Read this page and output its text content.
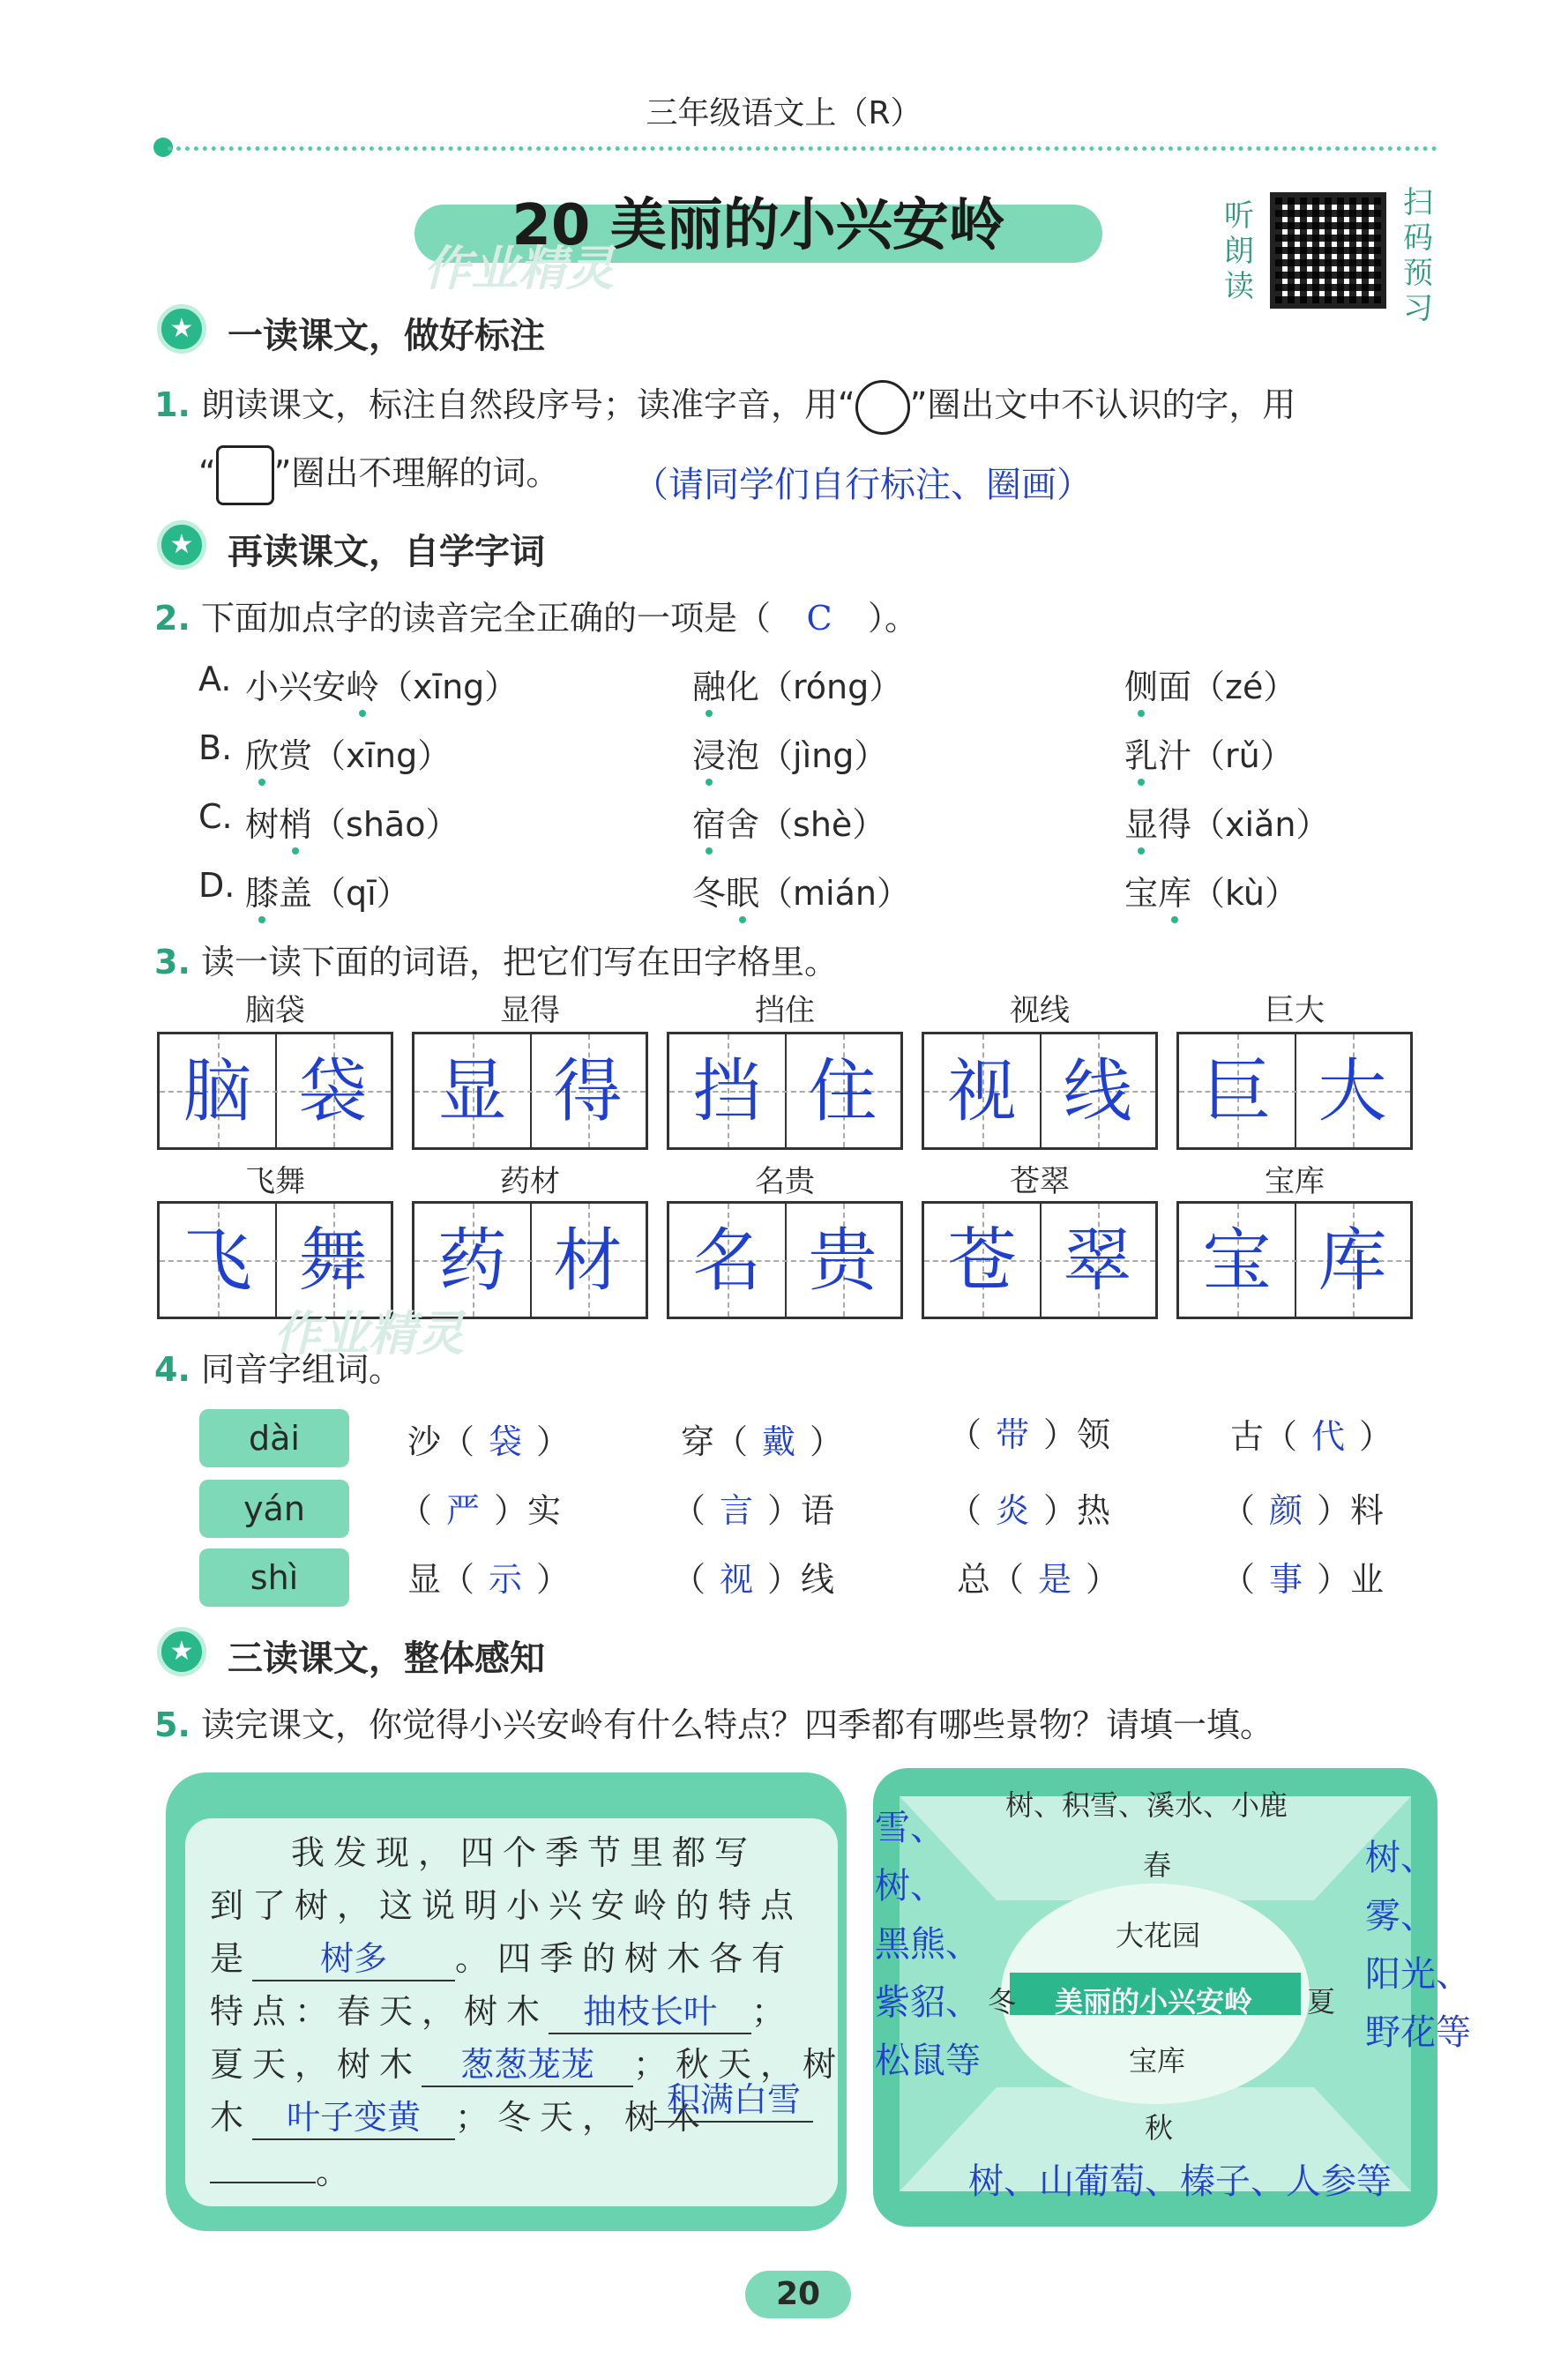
三年级语文上（R）
20 美丽的小兴安岭
作业精灵
听
朗
读
扫
码
预
习
★ 一读课文，做好标注
1. 朗读课文，标注自然段序号；读准字音，用“ ”圈出文中不认识的字，用
“ ”圈出不理解的词。 （请同学们自行标注、圈画）
★ 再读课文，自学字词
2. 下面加点字的读音完全正确的一项是（ C ）。
A. 小兴安岭（xīng）	融化（róng）	侧面（zé）
B. 欣赏（xīng）	浸泡（jìng）	乳汁（rǔ）
C. 树梢（shāo）	宿舍（shè）	显得（xiǎn）
D. 膝盖（qī）	冬眠（mián）	宝库（kù）
3. 读一读下面的词语，把它们写在田字格里。
脑袋	显得	挡住	视线	巨大
脑 袋	显 得	挡 住	视 线	巨 大
飞舞	药材	名贵	苍翠	宝库
飞 舞	药 材	名 贵	苍 翠	宝 库
作业精灵
4. 同音字组词。
dài
yán
shì
沙（ 袋 ）	穿（ 戴 ）	（ 带 ）领	古（ 代 ）
（ 严 ）实	（ 言 ）语	（ 炎 ）热	（ 颜 ）料
显（ 示 ）	（ 视 ）线	总（ 是 ）	（ 事 ）业
★ 三读课文，整体感知
5. 读完课文，你觉得小兴安岭有什么特点？四季都有哪些景物？请填一填。
我发现，四个季节里都写
到了树，这说明小兴安岭的特点
是 树多 。四季的树木各有
特点：春天，树木 抽枝长叶 ；
夏天，树木 葱葱茏茏 ；秋天，树
木 叶子变黄 ；冬天，树木
积满白雪
。
树、积雪、溪水、小鹿
春
大花园
美丽的小兴安岭
冬	夏
宝库
秋
雪、
树、
黑熊、
紫貂、
松鼠等
树、
雾、
阳光、
野花等
树、山葡萄、榛子、人参等
20
